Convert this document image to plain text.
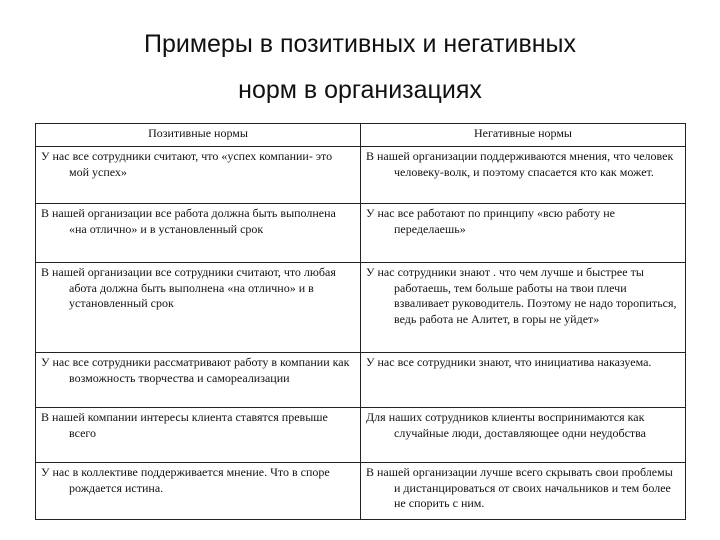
Примеры в позитивных и негативных
норм в организациях
Позитивные нормы	Негативные нормы

У нас все сотрудники считают, что «успех компании- это мой успех»	В нашей организации поддерживаются мнения, что человек человеку-волк, и поэтому спасается кто как может.

В нашей организации все работа должна быть выполнена «на отлично» и в установленный срок	У нас все работают по принципу «всю работу не переделаешь»

В нашей организации все сотрудники считают, что любая абота должна быть выполнена «на отлично» и в установленный срок	У нас сотрудники знают . что чем лучше и быстрее ты работаешь, тем больше работы на твои плечи взваливает руководитель. Поэтому не надо торопиться, ведь работа не Алитет, в горы не уйдет»

У нас все сотрудники рассматривают работу в компании как возможность творчества и самореализации	У нас все сотрудники знают, что инициатива наказуема.

В нашей компании интересы клиента ставятся превыше всего	Для наших сотрудников клиенты воспринимаются как случайные люди, доставляющее одни неудобства

У нас в коллективе поддерживается мнение. Что в споре рождается истина.	В нашей организации лучше всего скрывать свои проблемы и дистанцироваться от своих начальников и тем более не спорить с ним.
